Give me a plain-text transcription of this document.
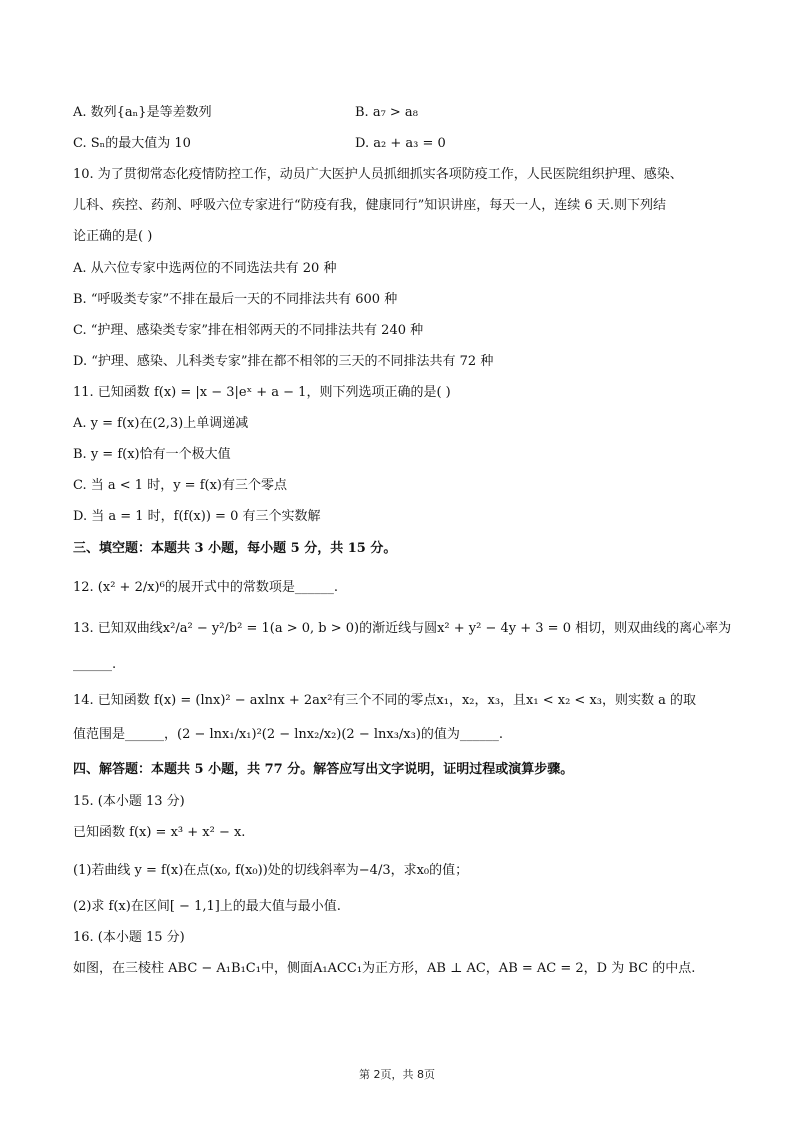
A. 数列{aₙ}是等差数列	B. a₇ > a₈
C. Sₙ的最大值为 10	D. a₂ + a₃ = 0
10. 为了贯彻常态化疫情防控工作，动员广大医护人员抓细抓实各项防疫工作，人民医院组织护理、感染、
儿科、疾控、药剂、呼吸六位专家进行“防疫有我，健康同行”知识讲座，每天一人，连续 6 天.则下列结
论正确的是( )
A. 从六位专家中选两位的不同选法共有 20 种
B. “呼吸类专家”不排在最后一天的不同排法共有 600 种
C. “护理、感染类专家”排在相邻两天的不同排法共有 240 种
D. “护理、感染、儿科类专家”排在都不相邻的三天的不同排法共有 72 种
11. 已知函数 f(x) = |x − 3|eˣ + a − 1，则下列选项正确的是( )
A. y = f(x)在(2,3)上单调递减
B. y = f(x)恰有一个极大值
C. 当 a < 1 时，y = f(x)有三个零点
D. 当 a = 1 时，f(f(x)) = 0 有三个实数解
三、填空题：本题共 3 小题，每小题 5 分，共 15 分。
12. (x² + 2/x)⁶的展开式中的常数项是______.
13. 已知双曲线x²/a² − y²/b² = 1(a > 0, b > 0)的渐近线与圆x² + y² − 4y + 3 = 0 相切，则双曲线的离心率为
______.
14. 已知函数 f(x) = (lnx)² − axlnx + 2ax²有三个不同的零点x₁，x₂，x₃，且x₁ < x₂ < x₃，则实数 a 的取
值范围是______，(2 − lnx₁/x₁)²(2 − lnx₂/x₂)(2 − lnx₃/x₃)的值为______.
四、解答题：本题共 5 小题，共 77 分。解答应写出文字说明，证明过程或演算步骤。
15. (本小题 13 分)
已知函数 f(x) = x³ + x² − x.
(1)若曲线 y = f(x)在点(x₀, f(x₀))处的切线斜率为−4/3，求x₀的值；
(2)求 f(x)在区间[ − 1,1]上的最大值与最小值.
16. (本小题 15 分)
如图，在三棱柱 ABC − A₁B₁C₁中，侧面A₁ACC₁为正方形，AB ⊥ AC，AB = AC = 2，D 为 BC 的中点.
第 2页，共 8页
